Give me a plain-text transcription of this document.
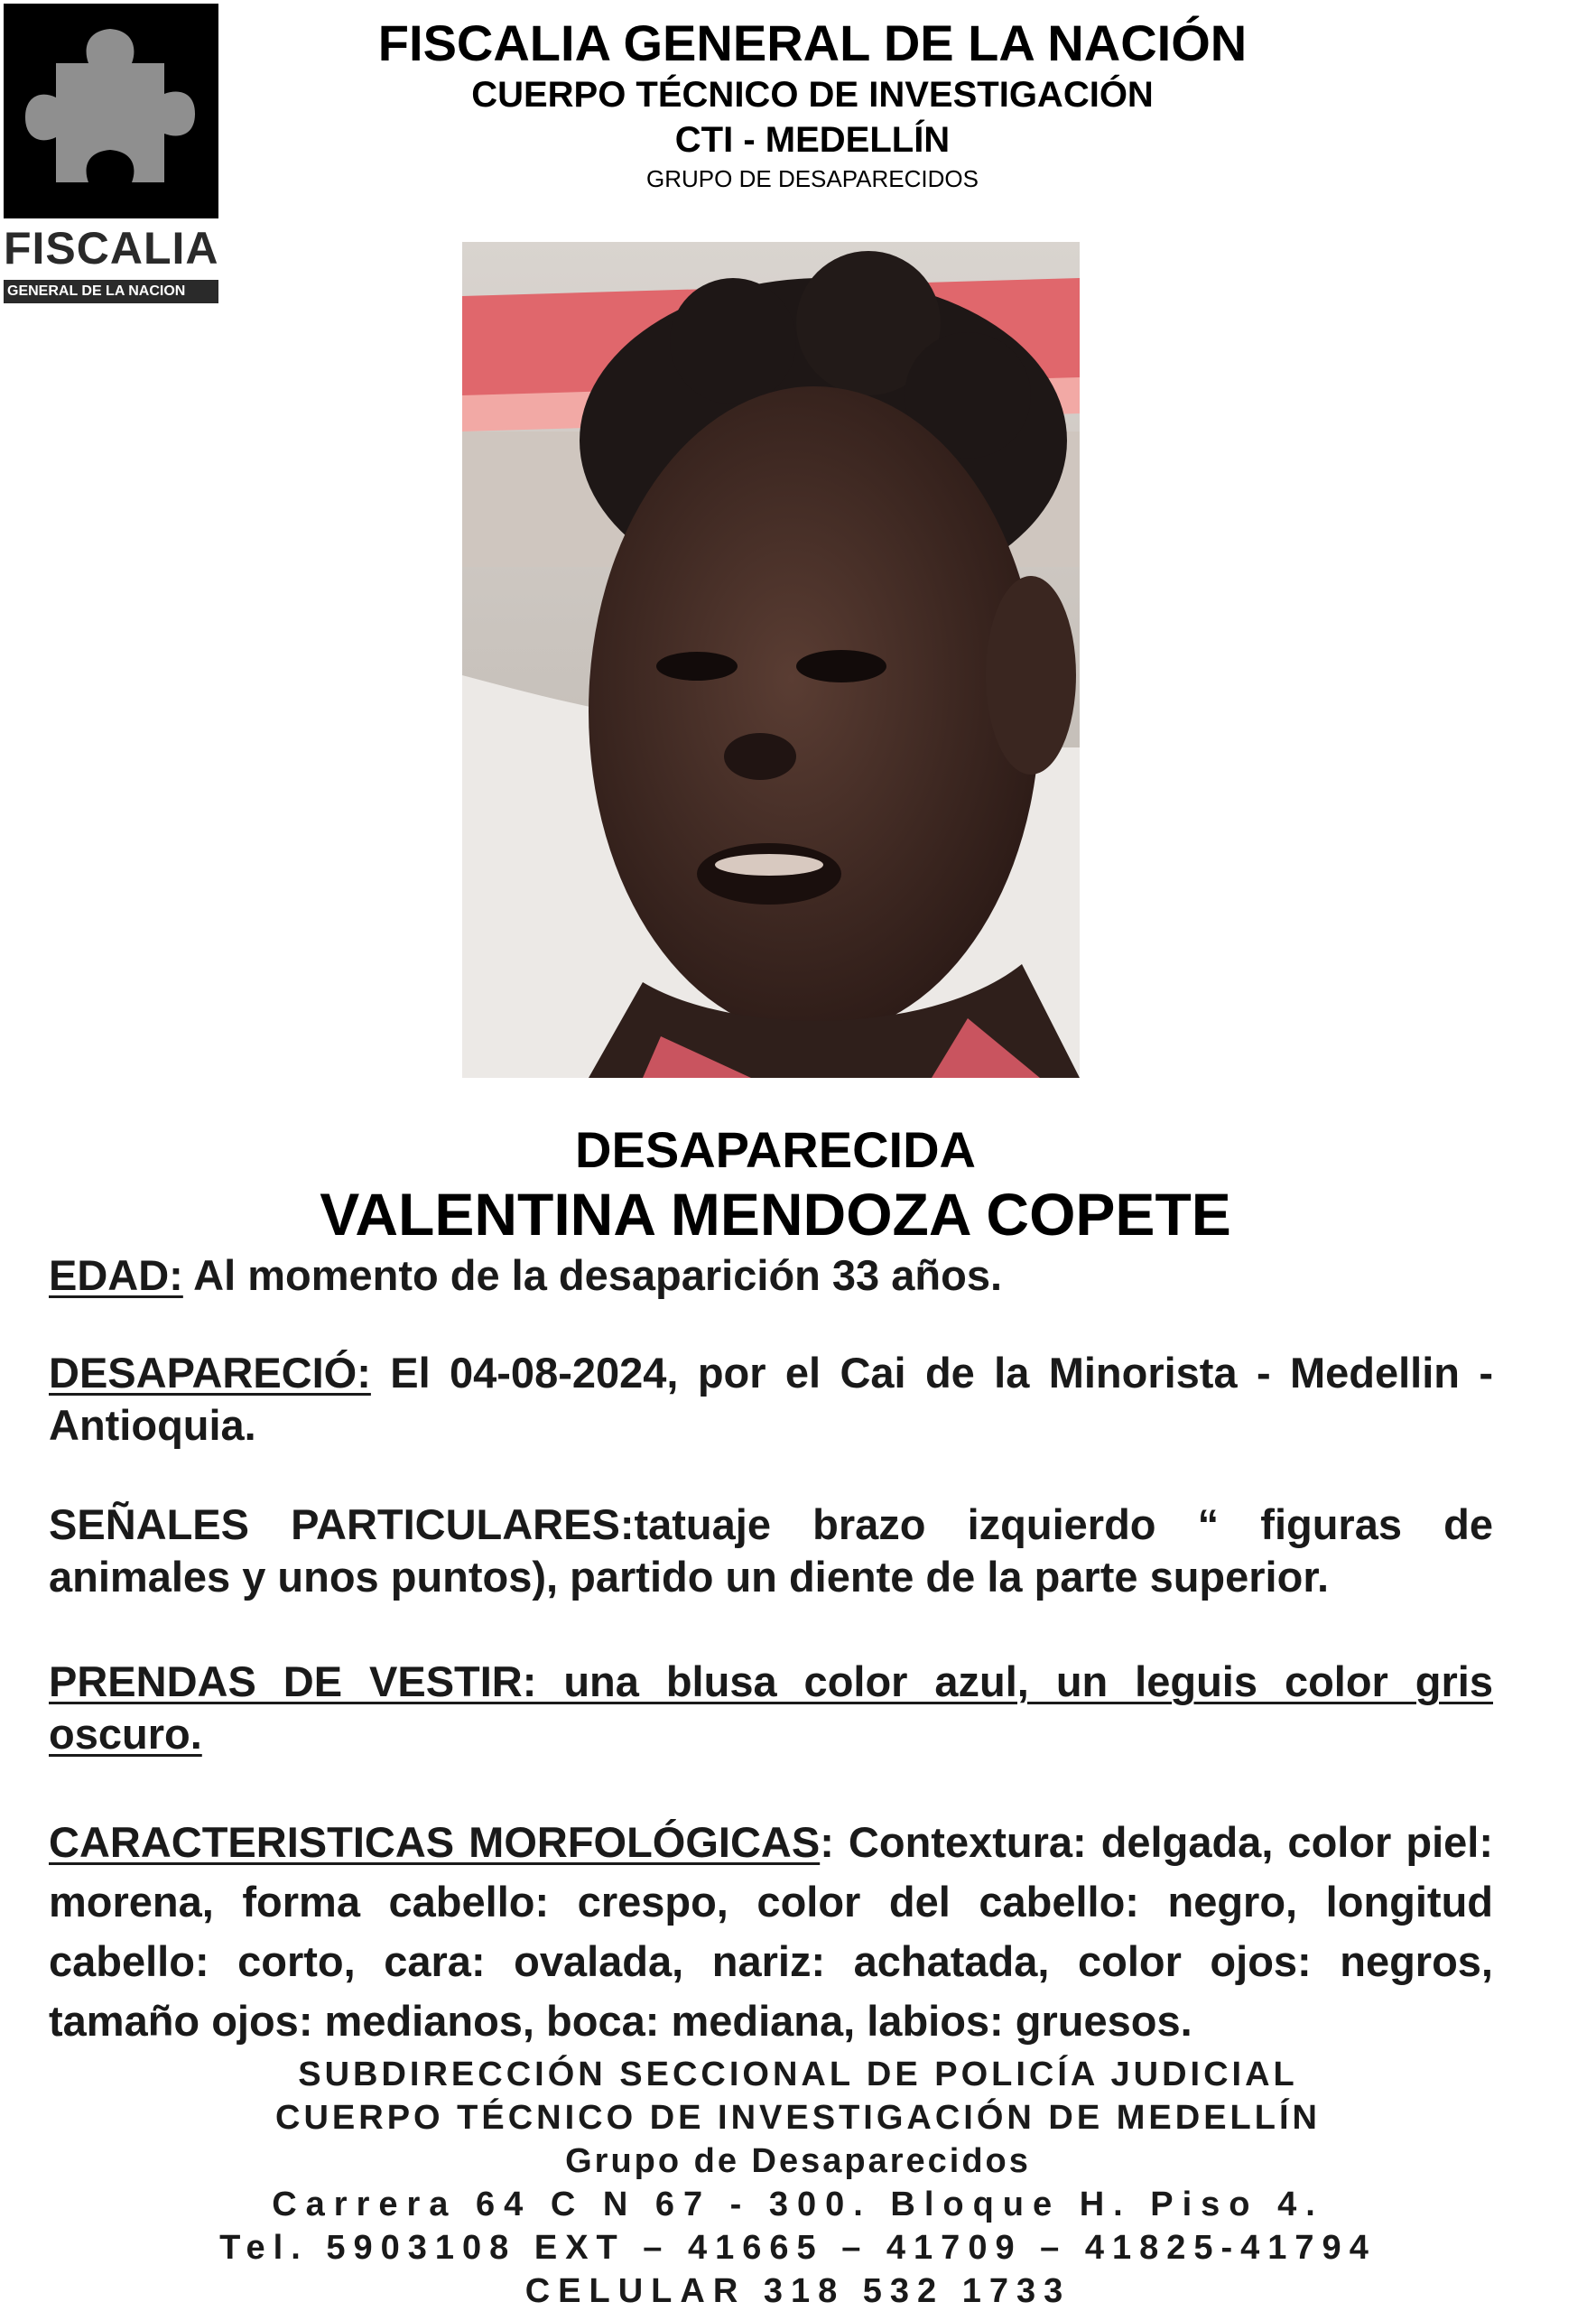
FISCALIA
GENERAL DE LA NACION
FISCALIA GENERAL DE LA NACIÓN
CUERPO TÉCNICO DE INVESTIGACIÓN
CTI - MEDELLÍN
GRUPO DE DESAPARECIDOS
DESAPARECIDA
VALENTINA MENDOZA COPETE
EDAD: Al momento de la desaparición 33 años.
DESAPARECIÓ: El 04-08-2024, por el Cai de la Minorista - Medellin - Antioquia.
SEÑALES PARTICULARES:tatuaje brazo izquierdo “ figuras de animales y unos puntos), partido un diente de la parte superior.
PRENDAS DE VESTIR: una blusa color azul, un leguis color gris oscuro.
CARACTERISTICAS MORFOLÓGICAS: Contextura: delgada, color piel: morena, forma cabello: crespo, color del cabello: negro, longitud cabello: corto, cara: ovalada, nariz: achatada, color ojos: negros, tamaño ojos: medianos, boca: mediana, labios: gruesos.
SUBDIRECCIÓN SECCIONAL DE POLICÍA JUDICIAL
CUERPO TÉCNICO DE INVESTIGACIÓN DE MEDELLÍN
Grupo de Desaparecidos
Carrera 64 C N 67 - 300. Bloque H. Piso 4.
Tel. 5903108 EXT – 41665 – 41709 – 41825-41794
CELULAR 318 532 1733
